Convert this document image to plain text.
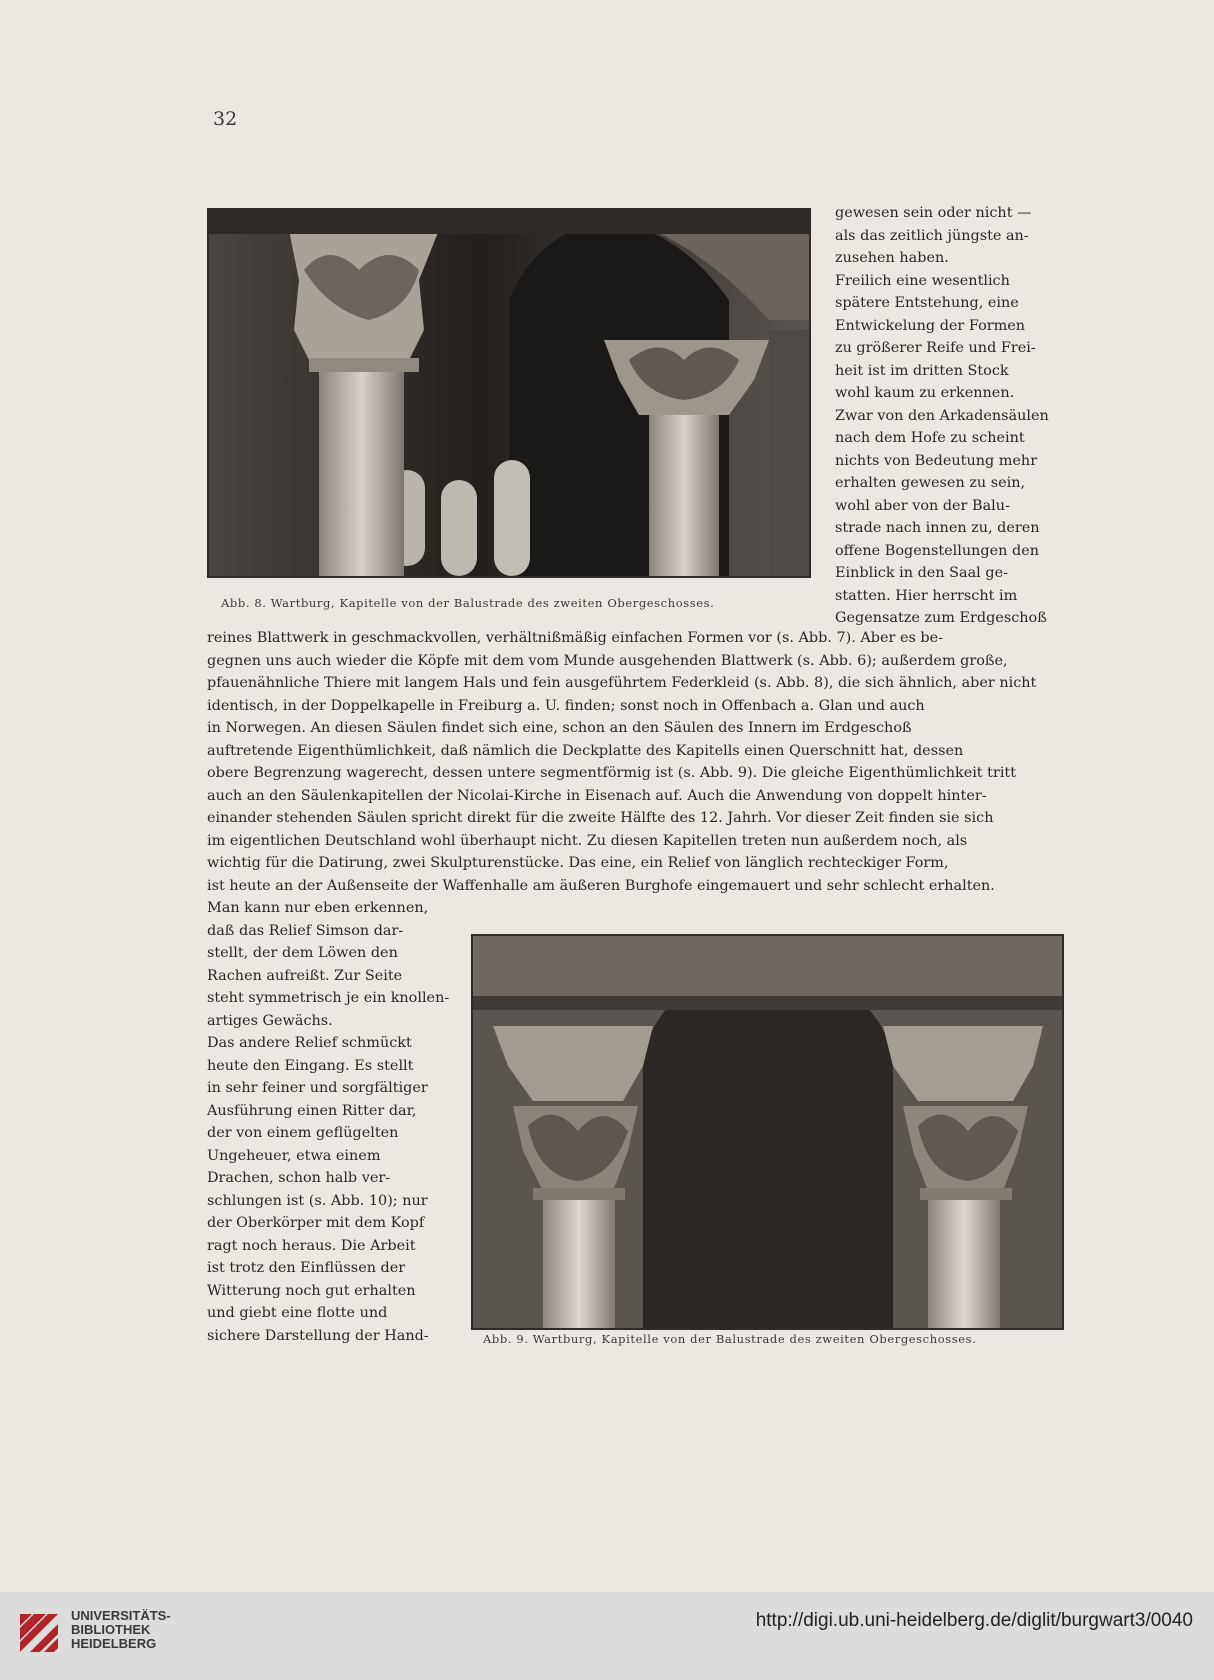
32
Abb. 8. Wartburg, Kapitelle von der Balustrade des zweiten Obergeschosses.
gewesen sein oder nicht —
als das zeitlich jüngste an-
zusehen haben.
Freilich eine wesentlich
spätere Entstehung, eine
Entwickelung der Formen
zu größerer Reife und Frei-
heit ist im dritten Stock
wohl kaum zu erkennen.
Zwar von den Arkadensäulen
nach dem Hofe zu scheint
nichts von Bedeutung mehr
erhalten gewesen zu sein,
wohl aber von der Balu-
strade nach innen zu, deren
offene Bogenstellungen den
Einblick in den Saal ge-
statten. Hier herrscht im
Gegensatze zum Erdgeschoß
reines Blattwerk in geschmackvollen, verhältnißmäßig einfachen Formen vor (s. Abb. 7). Aber es be-
gegnen uns auch wieder die Köpfe mit dem vom Munde ausgehenden Blattwerk (s. Abb. 6); außerdem große,
pfauenähnliche Thiere mit langem Hals und fein ausgeführtem Federkleid (s. Abb. 8), die sich ähnlich, aber nicht
identisch, in der Doppelkapelle in Freiburg a. U. finden; sonst noch in Offenbach a. Glan und auch
in Norwegen. An diesen Säulen findet sich eine, schon an den Säulen des Innern im Erdgeschoß
auftretende Eigenthümlichkeit, daß nämlich die Deckplatte des Kapitells einen Querschnitt hat, dessen
obere Begrenzung wagerecht, dessen untere segmentförmig ist (s. Abb. 9). Die gleiche Eigenthümlichkeit tritt
auch an den Säulenkapitellen der Nicolai-Kirche in Eisenach auf. Auch die Anwendung von doppelt hinter-
einander stehenden Säulen spricht direkt für die zweite Hälfte des 12. Jahrh. Vor dieser Zeit finden sie sich
im eigentlichen Deutschland wohl überhaupt nicht. Zu diesen Kapitellen treten nun außerdem noch, als
wichtig für die Datirung, zwei Skulpturenstücke. Das eine, ein Relief von länglich rechteckiger Form,
ist heute an der Außenseite der Waffenhalle am äußeren Burghofe eingemauert und sehr schlecht erhalten.
Man kann nur eben erkennen,
daß das Relief Simson dar-
stellt, der dem Löwen den
Rachen aufreißt. Zur Seite
steht symmetrisch je ein knollen-
artiges Gewächs.
Das andere Relief schmückt
heute den Eingang. Es stellt
in sehr feiner und sorgfältiger
Ausführung einen Ritter dar,
der von einem geflügelten
Ungeheuer, etwa einem
Drachen, schon halb ver-
schlungen ist (s. Abb. 10); nur
der Oberkörper mit dem Kopf
ragt noch heraus. Die Arbeit
ist trotz den Einflüssen der
Witterung noch gut erhalten
und giebt eine flotte und
sichere Darstellung der Hand-	Abb. 9. Wartburg, Kapitelle von der Balustrade des zweiten Obergeschosses.
UNIVERSITÄTS-
BIBLIOTHEK
HEIDELBERG
http://digi.ub.uni-heidelberg.de/diglit/burgwart3/0040
